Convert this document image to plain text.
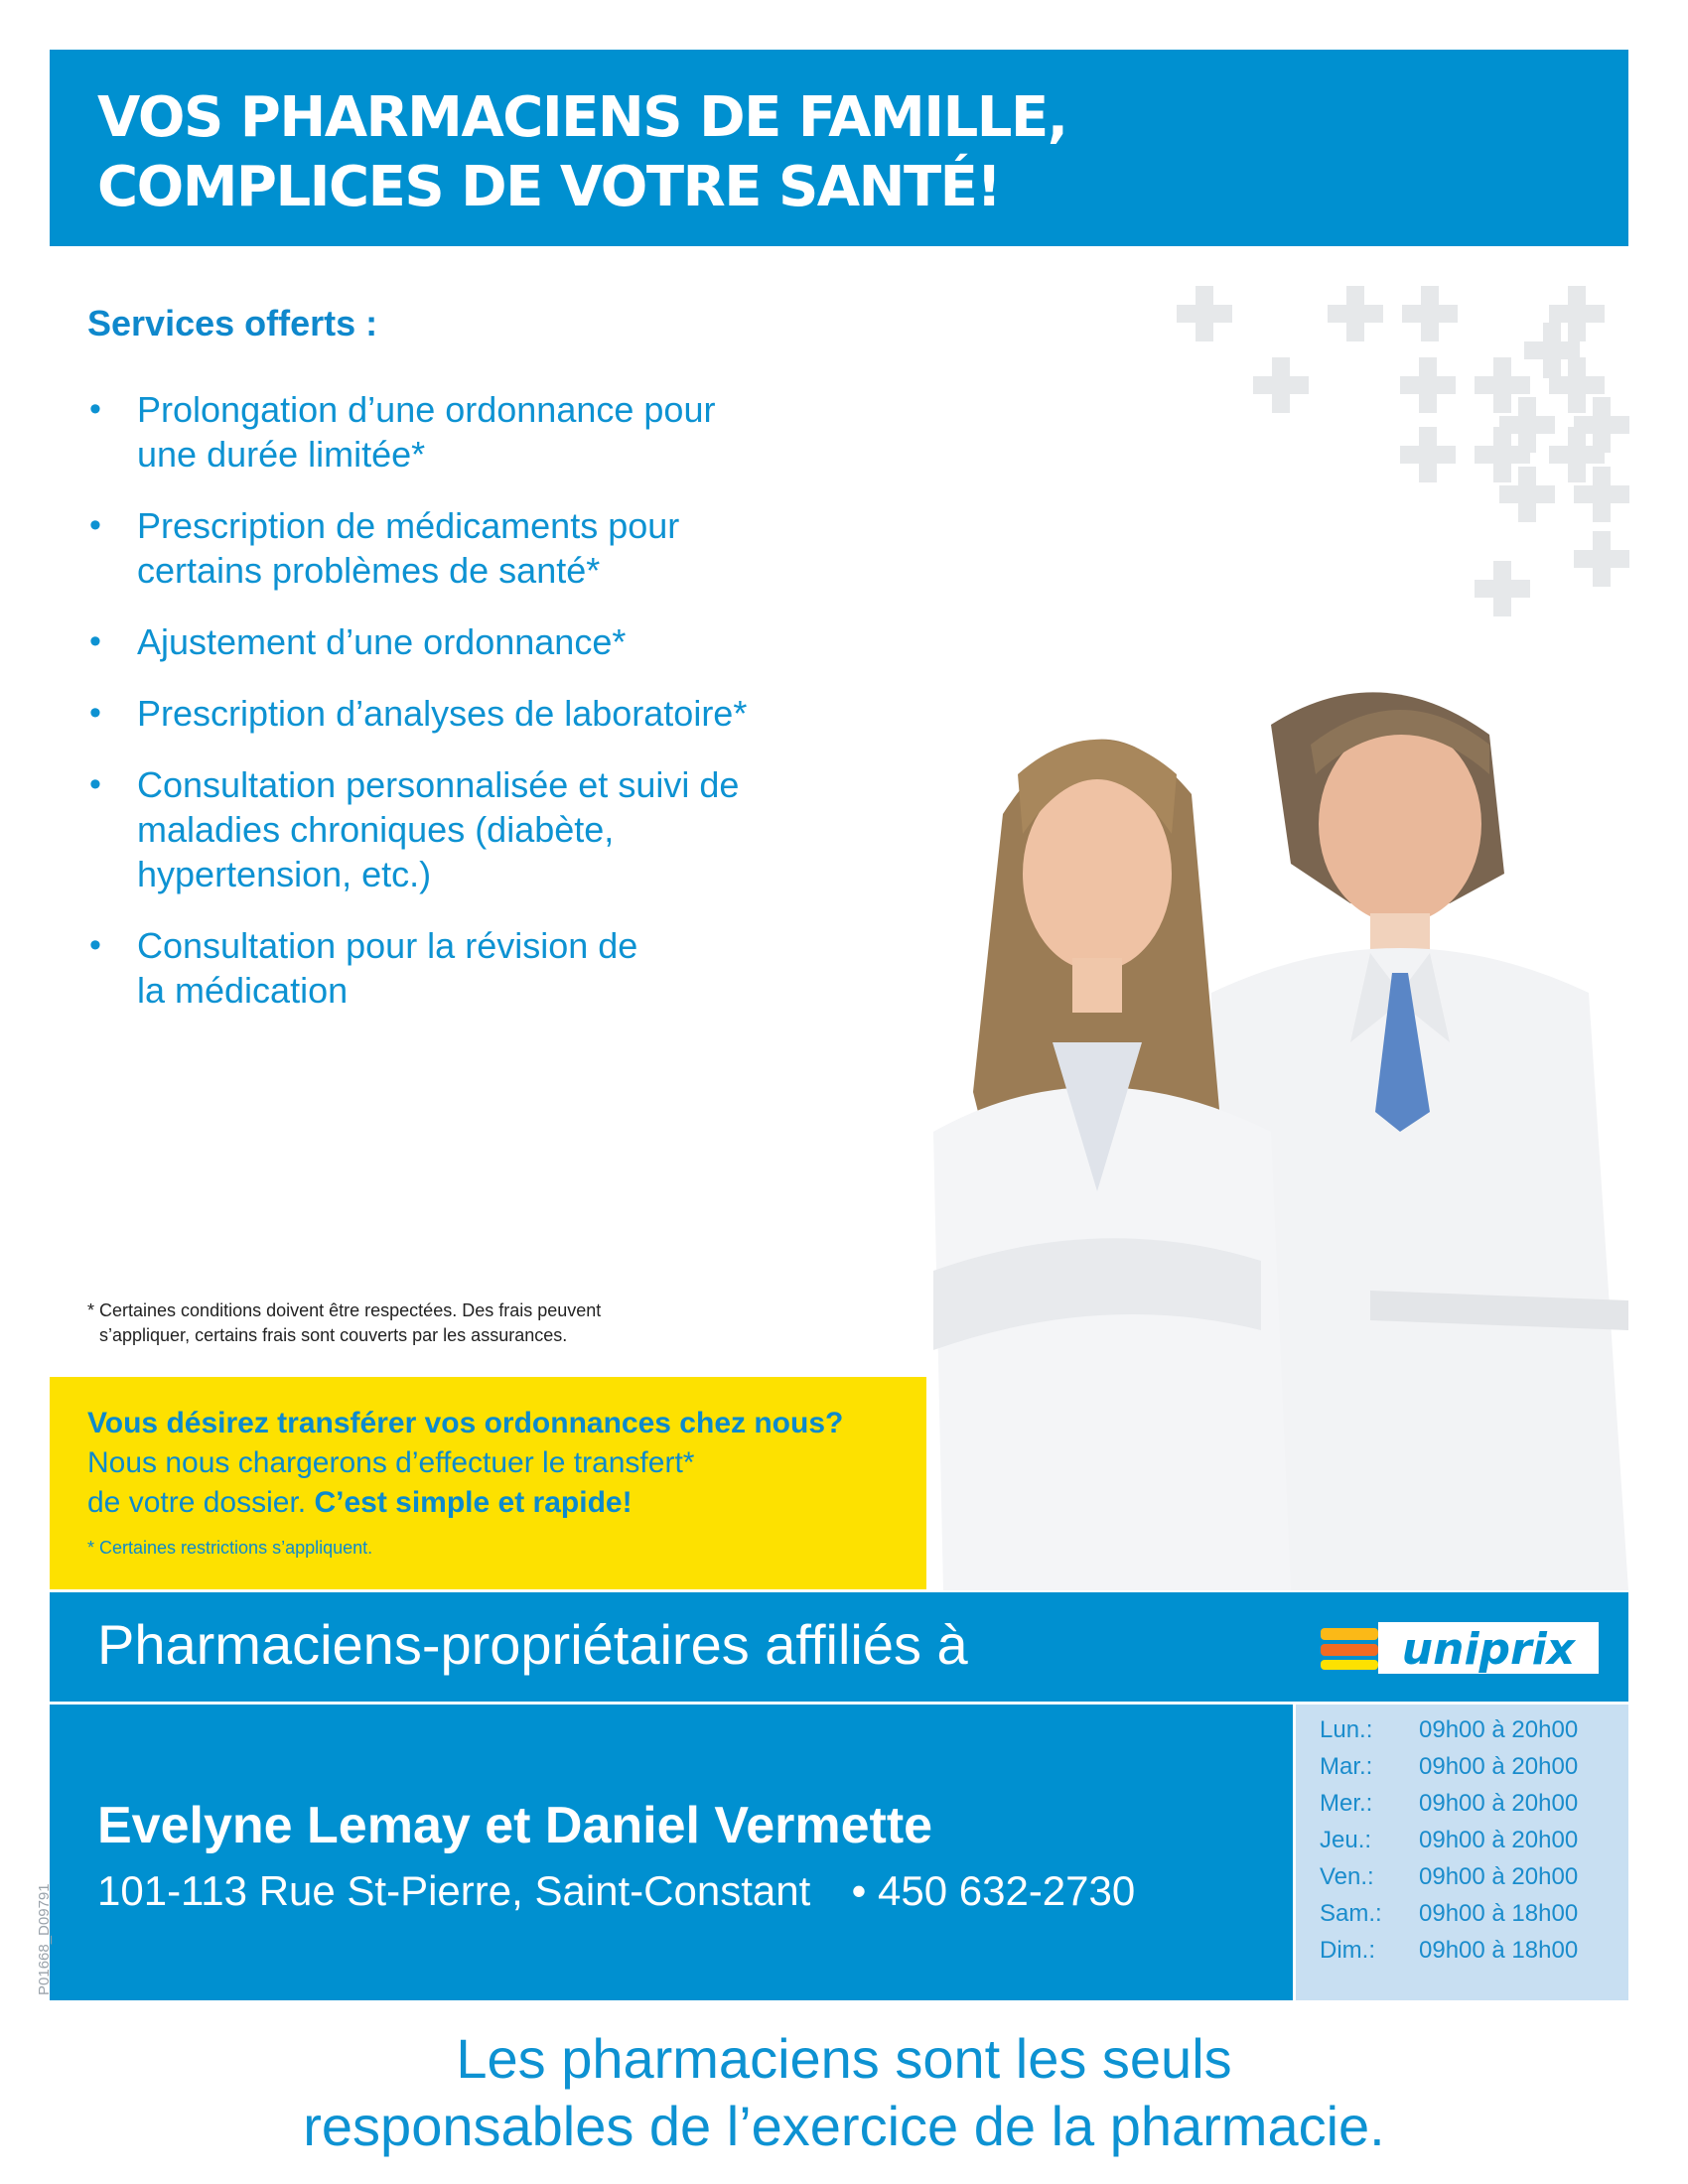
VOS PHARMACIENS DE FAMILLE,
COMPLICES DE VOTRE SANTÉ!
Services offerts :
• Prolongation d’une ordonnance pour
une durée limitée*
• Prescription de médicaments pour
certains problèmes de santé*
• Ajustement d’une ordonnance*
• Prescription d’analyses de laboratoire*
• Consultation personnalisée et suivi de
maladies chroniques (diabète,
hypertension, etc.)
• Consultation pour la révision de
la médication
* Certaines conditions doivent être respectées. Des frais peuvent
s’appliquer, certains frais sont couverts par les assurances.
Vous désirez transférer vos ordonnances chez nous?
Nous nous chargerons d’effectuer le transfert*
de votre dossier. C’est simple et rapide!
* Certaines restrictions s’appliquent.
Pharmaciens-propriétaires affiliés à	uniprix
Evelyne Lemay et Daniel Vermette
101-113 Rue St-Pierre, Saint-Constant • 450 632-2730
Lun.: 09h00 à 20h00
Mar.: 09h00 à 20h00
Mer.: 09h00 à 20h00
Jeu.: 09h00 à 20h00
Ven.: 09h00 à 20h00
Sam.: 09h00 à 18h00
Dim.: 09h00 à 18h00
P01668_D09791
Les pharmaciens sont les seuls
responsables de l’exercice de la pharmacie.
